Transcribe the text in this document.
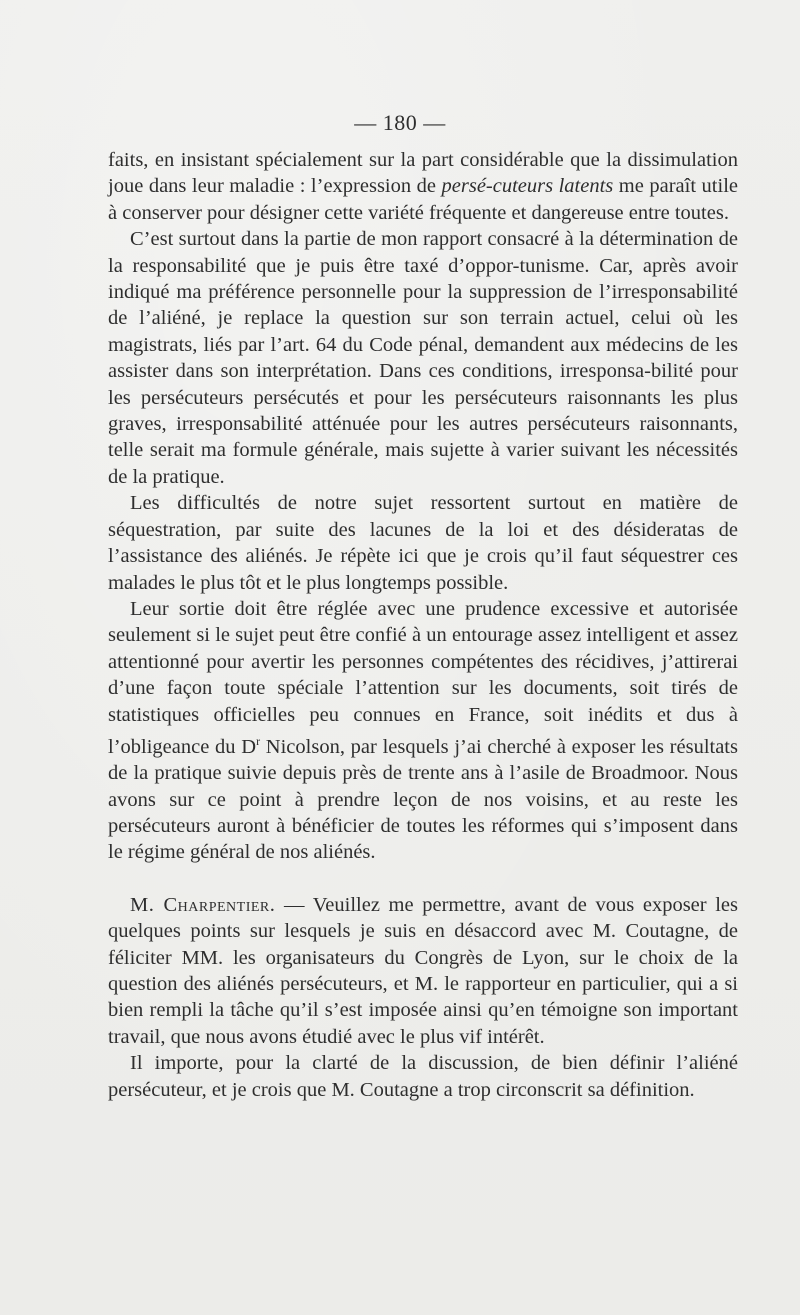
— 180 —

faits, en insistant spécialement sur la part considérable que la dissimulation joue dans leur maladie : l’expression de persé-cuteurs latents me paraît utile à conserver pour désigner cette variété fréquente et dangereuse entre toutes.

C’est surtout dans la partie de mon rapport consacré à la détermination de la responsabilité que je puis être taxé d’oppor-tunisme. Car, après avoir indiqué ma préférence personnelle pour la suppression de l’irresponsabilité de l’aliéné, je replace la question sur son terrain actuel, celui où les magistrats, liés par l’art. 64 du Code pénal, demandent aux médecins de les assister dans son interprétation. Dans ces conditions, irresponsa-bilité pour les persécuteurs persécutés et pour les persécuteurs raisonnants les plus graves, irresponsabilité atténuée pour les autres persécuteurs raisonnants, telle serait ma formule générale, mais sujette à varier suivant les nécessités de la pratique.

Les difficultés de notre sujet ressortent surtout en matière de séquestration, par suite des lacunes de la loi et des désideratas de l’assistance des aliénés. Je répète ici que je crois qu’il faut séquestrer ces malades le plus tôt et le plus longtemps possible.

Leur sortie doit être réglée avec une prudence excessive et autorisée seulement si le sujet peut être confié à un entourage assez intelligent et assez attentionné pour avertir les personnes compétentes des récidives, j’attirerai d’une façon toute spéciale l’attention sur les documents, soit tirés de statistiques officielles peu connues en France, soit inédits et dus à l’obligeance du $D^r$ Nicolson, par lesquels j’ai cherché à exposer les résultats de la pratique suivie depuis près de trente ans à l’asile de Broadmoor. Nous avons sur ce point à prendre leçon de nos voisins, et au reste les persécuteurs auront à bénéficier de toutes les réformes qui s’imposent dans le régime général de nos aliénés.

M. Charpentier. — Veuillez me permettre, avant de vous exposer les quelques points sur lesquels je suis en désaccord avec M. Coutagne, de féliciter MM. les organisateurs du Congrès de Lyon, sur le choix de la question des aliénés persécuteurs, et M. le rapporteur en particulier, qui a si bien rempli la tâche qu’il s’est imposée ainsi qu’en témoigne son important travail, que nous avons étudié avec le plus vif intérêt.

Il importe, pour la clarté de la discussion, de bien définir l’aliéné persécuteur, et je crois que M. Coutagne a trop circonscrit sa définition.
